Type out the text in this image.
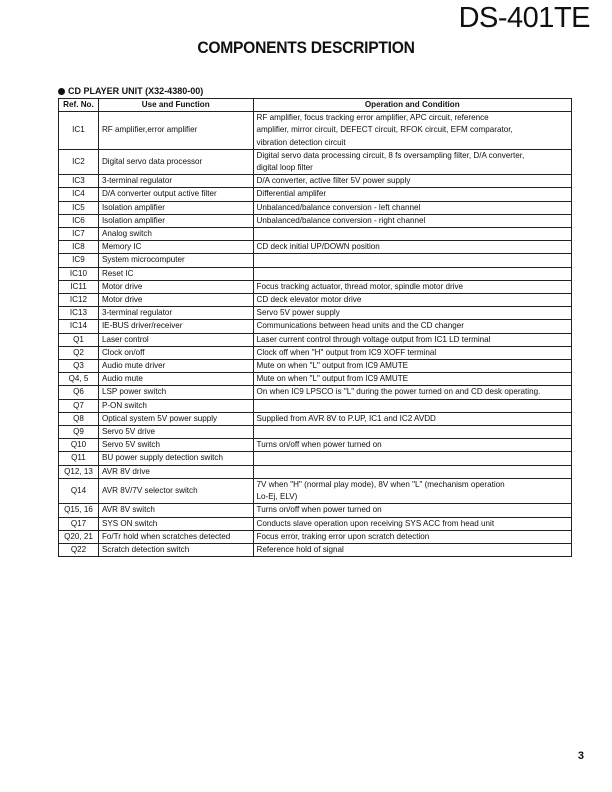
DS-401TE
COMPONENTS DESCRIPTION
CD PLAYER UNIT (X32-4380-00)
Ref. No.	Use and Function	Operation and Condition
IC1	RF amplifier,error amplifier	RF amplifier, focus tracking error amplifier, APC circuit, reference
amplifier, mirror circuit, DEFECT circuit, RFOK circuit, EFM comparator,
vibration detection circuit

IC2	Digital servo data processor	Digital servo data processing circuit, 8 fs oversampling filter, D/A converter,
digital loop filter

IC3	3-terminal regulator	D/A converter, active filter 5V power supply

IC4	D/A converter output active filter	Differential amplifer

IC5	Isolation amplifier	Unbalanced/balance conversion - left channel

IC6	Isolation amplifier	Unbalanced/balance conversion - right channel

IC7	Analog switch	

IC8	Memory IC	CD deck initial UP/DOWN position

IC9	System microcomputer	

IC10	Reset IC	

IC11	Motor drive	Focus tracking actuator, thread motor, spindle motor drive

IC12	Motor drive	CD deck elevator motor drive

IC13	3-terminal regulator	Servo 5V power supply

IC14	IE-BUS driver/receiver	Communications between head units and the CD changer

Q1	Laser control	Laser current control through voltage output from IC1 LD terminal

Q2	Clock on/off	Clock off when "H" output from IC9 XOFF terminal

Q3	Audio mute driver	Mute on when "L" output from IC9 AMUTE

Q4, 5	Audio mute	Mute on when "L" output from IC9 AMUTE

Q6	LSP power switch	On when IC9 LPSCO is "L" during the power turned on and CD desk operating.

Q7	P-ON switch	

Q8	Optical system 5V power supply	Supplied from AVR 8V to P.UP, IC1 and IC2 AVDD

Q9	Servo 5V drive	

Q10	Servo 5V switch	Turns on/off when power turned on

Q11	BU power supply detection switch	

Q12, 13	AVR 8V drive	

Q14	AVR 8V/7V selector switch	7V when "H" (normal play mode), 8V when "L" (mechanism operation
Lo-Ej, ELV)

Q15, 16	AVR 8V switch	Turns on/off when power turned on

Q17	SYS ON switch	Conducts slave operation upon receiving SYS ACC from head unit

Q20, 21	Fo/Tr hold when scratches detected	Focus error, traking error upon scratch detection

Q22	Scratch detection switch	Reference hold of signal
3
